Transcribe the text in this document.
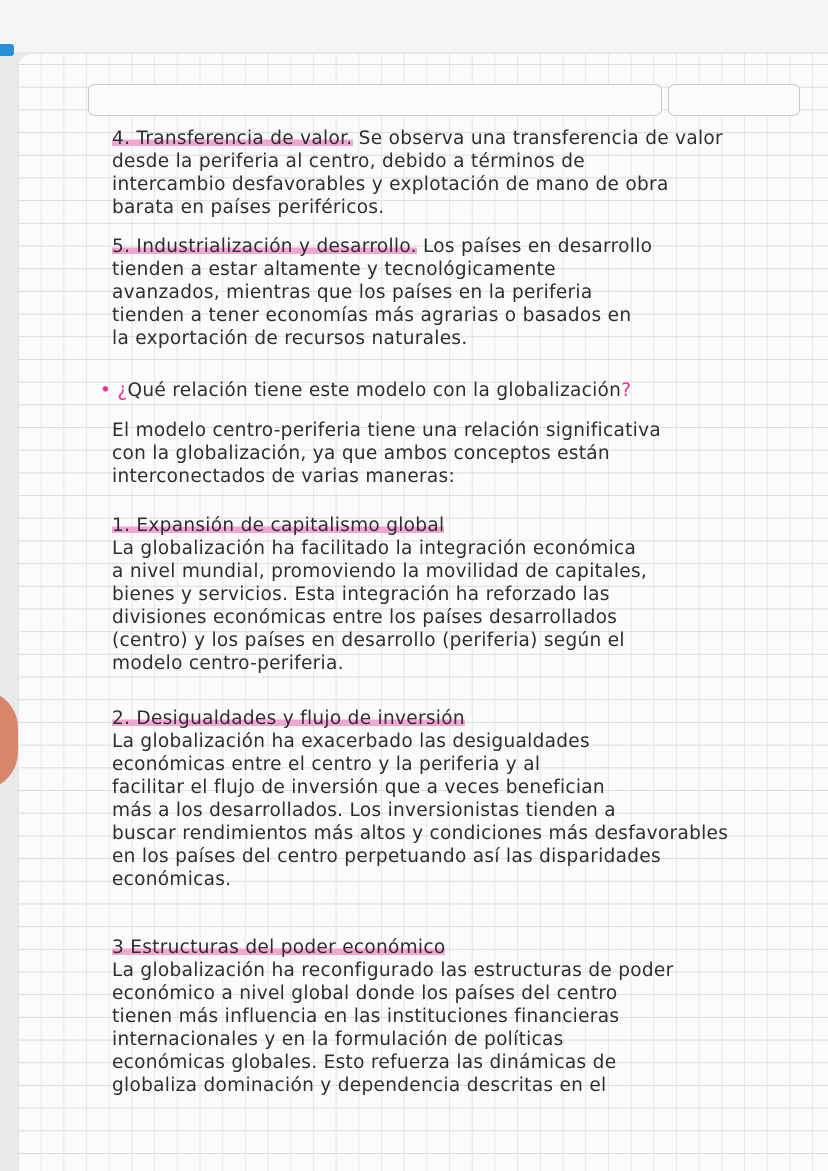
4. Transferencia de valor. Se observa una transferencia de valor
desde la periferia al centro, debido a términos de
intercambio desfavorables y explotación de mano de obra
barata en países periféricos.
5. Industrialización y desarrollo. Los países en desarrollo
tienden a estar altamente y tecnológicamente
avanzados, mientras que los países en la periferia
tienden a tener economías más agrarias o basados en
la exportación de recursos naturales.
• ¿Qué relación tiene este modelo con la globalización?
El modelo centro-periferia tiene una relación significativa
con la globalización, ya que ambos conceptos están
interconectados de varias maneras:
1. Expansión de capitalismo global
La globalización ha facilitado la integración económica
a nivel mundial, promoviendo la movilidad de capitales,
bienes y servicios. Esta integración ha reforzado las
divisiones económicas entre los países desarrollados
(centro) y los países en desarrollo (periferia) según el
modelo centro-periferia.
2. Desigualdades y flujo de inversión
La globalización ha exacerbado las desigualdades
económicas entre el centro y la periferia y al
facilitar el flujo de inversión que a veces benefician
más a los desarrollados. Los inversionistas tienden a
buscar rendimientos más altos y condiciones más desfavorables
en los países del centro perpetuando así las disparidades
económicas.
3 Estructuras del poder económico
La globalización ha reconfigurado las estructuras de poder
económico a nivel global donde los países del centro
tienen más influencia en las instituciones financieras
internacionales y en la formulación de políticas
económicas globales. Esto refuerza las dinámicas de
globaliza dominación y dependencia descritas en el
